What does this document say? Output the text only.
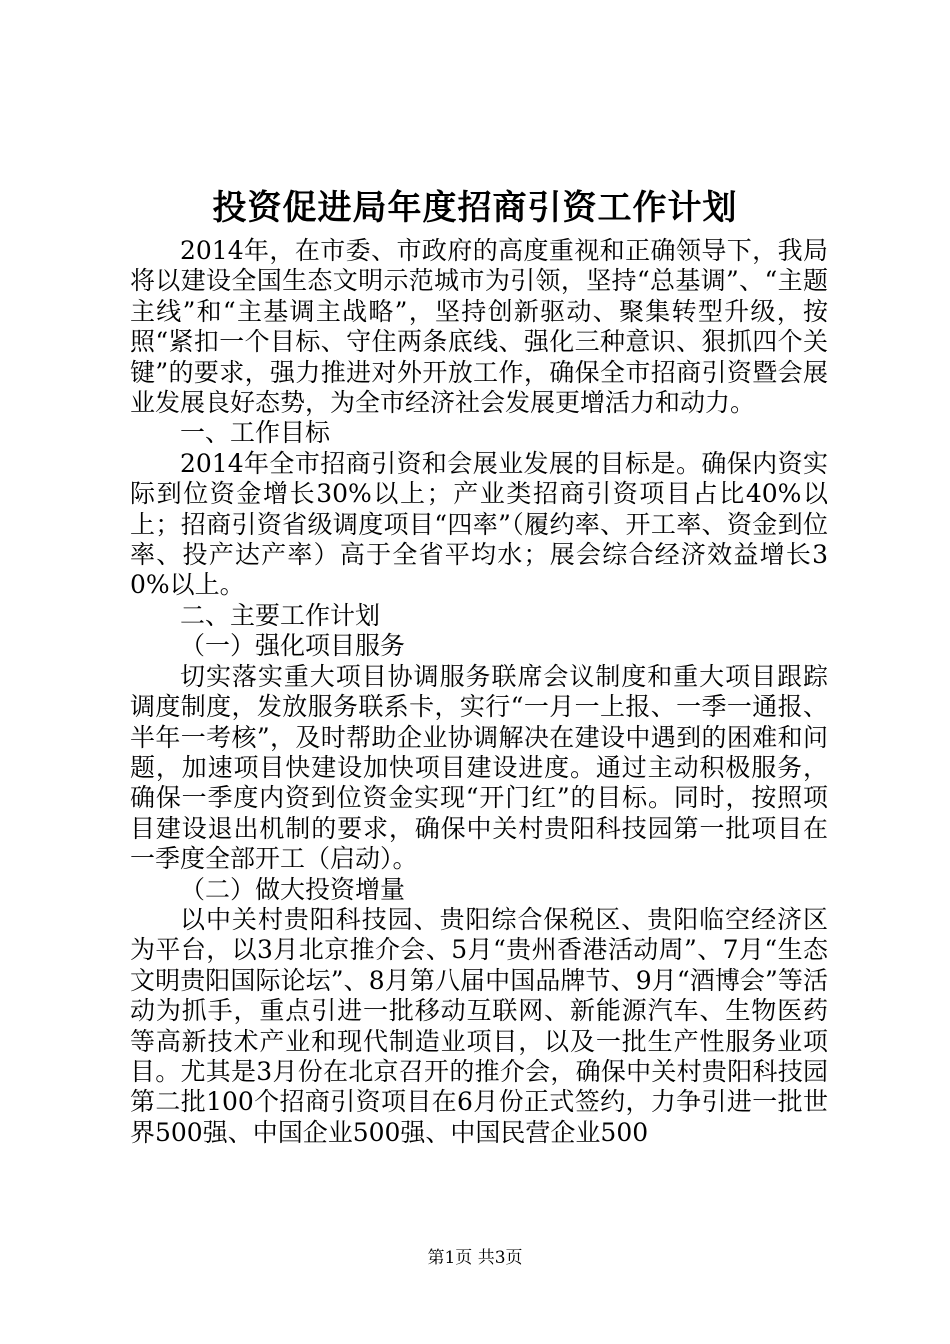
投资促进局年度招商引资工作计划

2014年，在市委、市政府的高度重视和正确领导下，我局将以建设全国生态文明示范城市为引领，坚持“总基调”、“主题主线”和“主基调主战略”，坚持创新驱动、聚集转型升级，按照“紧扣一个目标、守住两条底线、强化三种意识、狠抓四个关键”的要求，强力推进对外开放工作，确保全市招商引资暨会展业发展良好态势，为全市经济社会发展更增活力和动力。

一、工作目标

2014年全市招商引资和会展业发展的目标是。确保内资实际到位资金增长30%以上；产业类招商引资项目占比40%以上；招商引资省级调度项目“四率”（履约率、开工率、资金到位率、投产达产率）高于全省平均水；展会综合经济效益增长30%以上。

二、主要工作计划

（一）强化项目服务

切实落实重大项目协调服务联席会议制度和重大项目跟踪调度制度，发放服务联系卡，实行“一月一上报、一季一通报、半年一考核”，及时帮助企业协调解决在建设中遇到的困难和问题，加速项目快建设加快项目建设进度。通过主动积极服务，确保一季度内资到位资金实现“开门红”的目标。同时，按照项目建设退出机制的要求，确保中关村贵阳科技园第一批项目在一季度全部开工（启动）。

（二）做大投资增量

以中关村贵阳科技园、贵阳综合保税区、贵阳临空经济区为平台，以3月北京推介会、5月“贵州香港活动周”、7月“生态文明贵阳国际论坛”、8月第八届中国品牌节、9月“酒博会”等活动为抓手，重点引进一批移动互联网、新能源汽车、生物医药等高新技术产业和现代制造业项目，以及一批生产性服务业项目。尤其是3月份在北京召开的推介会，确保中关村贵阳科技园第二批100个招商引资项目在6月份正式签约，力争引进一批世界500强、中国企业500强、中国民营企业500

第1页 共3页
